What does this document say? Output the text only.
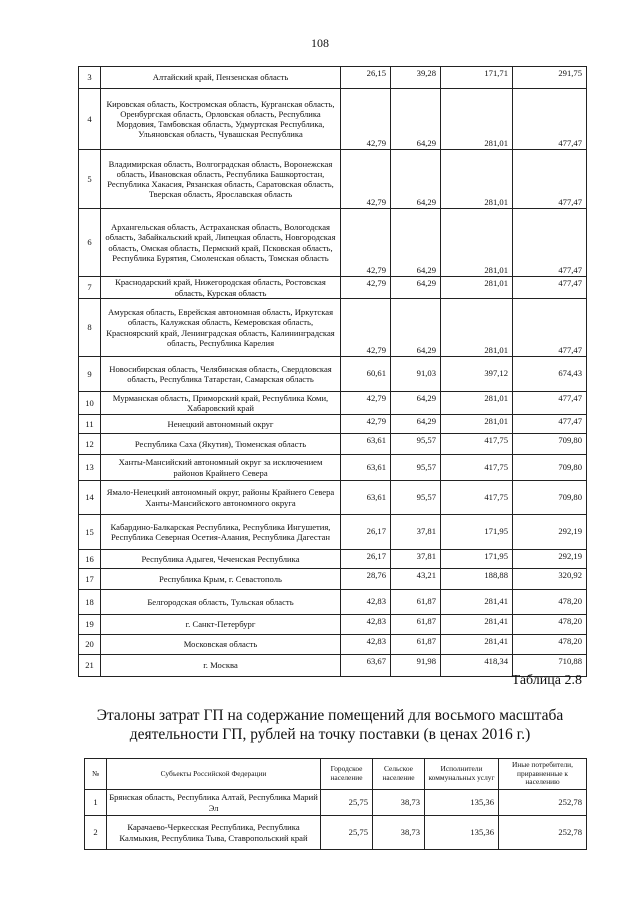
108
3	Алтайский край, Пензенская область	26,15	39,28	171,71	291,75
4	Кировская область, Костромская область, Курганская область, Оренбургская область, Орловская область, Республика Мордовия, Тамбовская область, Удмуртская Республика, Ульяновская область, Чувашская Республика	42,79	64,29	281,01	477,47
5	Владимирская область, Волгоградская область, Воронежская область, Ивановская область, Республика Башкортостан, Республика Хакасия, Рязанская область, Саратовская область, Тверская область, Ярославская область	42,79	64,29	281,01	477,47
6	Архангельская область, Астраханская область, Вологодская область, Забайкальский край, Липецкая область, Новгородская область, Омская область, Пермский край, Псковская область, Республика Бурятия, Смоленская область, Томская область	42,79	64,29	281,01	477,47
7	Краснодарский край, Нижегородская область, Ростовская область, Курская область	42,79	64,29	281,01	477,47
8	Амурская область, Еврейская автономная область, Иркутская область, Калужская область, Кемеровская область, Красноярский край, Ленинградская область, Калининградская область, Республика Карелия	42,79	64,29	281,01	477,47
9	Новосибирская область, Челябинская область, Свердловская область, Республика Татарстан, Самарская область	60,61	91,03	397,12	674,43
10	Мурманская область, Приморский край, Республика Коми, Хабаровский край	42,79	64,29	281,01	477,47
11	Ненецкий автономный округ	42,79	64,29	281,01	477,47
12	Республика Саха (Якутия), Тюменская область	63,61	95,57	417,75	709,80
13	Ханты-Мансийский автономный округ за исключением районов Крайнего Севера	63,61	95,57	417,75	709,80
14	Ямало-Ненецкий автономный округ, районы Крайнего Севера Ханты-Мансийского автономного округа	63,61	95,57	417,75	709,80
15	Кабардино-Балкарская Республика, Республика Ингушетия, Республика Северная Осетия-Алания, Республика Дагестан	26,17	37,81	171,95	292,19
16	Республика Адыгея, Чеченская Республика	26,17	37,81	171,95	292,19
17	Республика Крым, г. Севастополь	28,76	43,21	188,88	320,92
18	Белгородская область, Тульская область	42,83	61,87	281,41	478,20
19	г. Санкт-Петербург	42,83	61,87	281,41	478,20
20	Московская область	42,83	61,87	281,41	478,20
21	г. Москва	63,67	91,98	418,34	710,88
Таблица 2.8
Эталоны затрат ГП на содержание помещений для восьмого масштаба деятельности ГП, рублей на точку поставки (в ценах 2016 г.)
№	Субъекты Российской Федерации	Городское население	Сельское население	Исполнители коммунальных услуг	Иные потребители, приравненные к населению
1	Брянская область, Республика Алтай, Республика Марий Эл	25,75	38,73	135,36	252,78
2	Карачаево-Черкесская Республика, Республика Калмыкия, Республика Тыва, Ставропольский край	25,75	38,73	135,36	252,78
